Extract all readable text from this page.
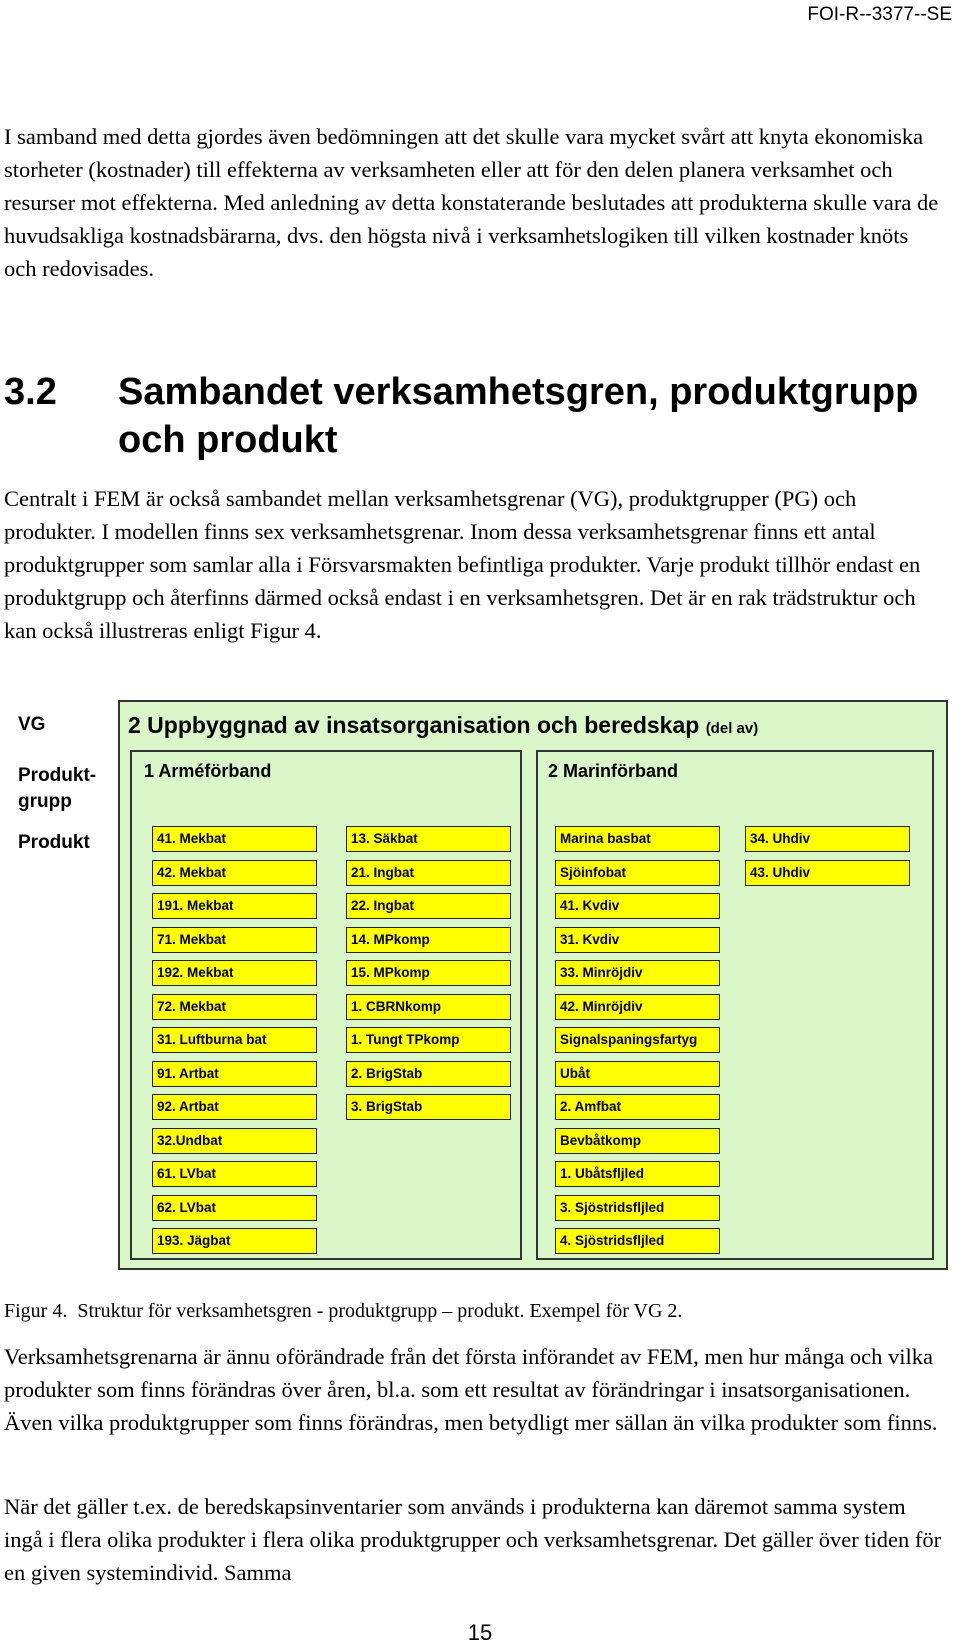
FOI-R--3377--SE

I samband med detta gjordes även bedömningen att det skulle vara mycket svårt att knyta ekonomiska storheter (kostnader) till effekterna av verksamheten eller att för den delen planera verksamhet och resurser mot effekterna. Med anledning av detta konstaterande beslutades att produkterna skulle vara de huvudsakliga kostnadsbärarna, dvs. den högsta nivå i verksamhetslogiken till vilken kostnader knöts och redovisades.

3.2 Sambandet verksamhetsgren, produktgrupp och produkt

Centralt i FEM är också sambandet mellan verksamhetsgrenar (VG), produktgrupper (PG) och produkter. I modellen finns sex verksamhetsgrenar. Inom dessa verksamhetsgrenar finns ett antal produktgrupper som samlar alla i Försvarsmakten befintliga produkter. Varje produkt tillhör endast en produktgrupp och återfinns därmed också endast i en verksamhetsgren. Det är en rak trädstruktur och kan också illustreras enligt Figur 4.

VG
Produkt-grupp
Produkt
2 Uppbyggnad av insatsorganisation och beredskap (del av)
1 Arméförband	2 Marinförband
41. Mekbat
42. Mekbat
191. Mekbat
71. Mekbat
192. Mekbat
72. Mekbat
31. Luftburna bat
91. Artbat
92. Artbat
32.Undbat
61. LVbat
62. LVbat
193. Jägbat
13. Säkbat
21. Ingbat
22. Ingbat
14. MPkomp
15. MPkomp
1. CBRNkomp
1. Tungt TPkomp
2. BrigStab
3. BrigStab
Marina basbat
Sjöinfobat
41. Kvdiv
31. Kvdiv
33. Minröjdiv
42. Minröjdiv
Signalspaningsfartyg
Ubåt
2. Amfbat
Bevbåtkomp
1. Ubåtsfljled
3. Sjöstridsfljled
4. Sjöstridsfljled
34. Uhdiv
43. Uhdiv
Figur 4. Struktur för verksamhetsgren - produktgrupp – produkt. Exempel för VG 2.

Verksamhetsgrenarna är ännu oförändrade från det första införandet av FEM, men hur många och vilka produkter som finns förändras över åren, bl.a. som ett resultat av förändringar i insatsorganisationen. Även vilka produktgrupper som finns förändras, men betydligt mer sällan än vilka produkter som finns.

När det gäller t.ex. de beredskapsinventarier som används i produkterna kan däremot samma system ingå i flera olika produkter i flera olika produktgrupper och verksamhetsgrenar. Det gäller över tiden för en given systemindivid. Samma

15
